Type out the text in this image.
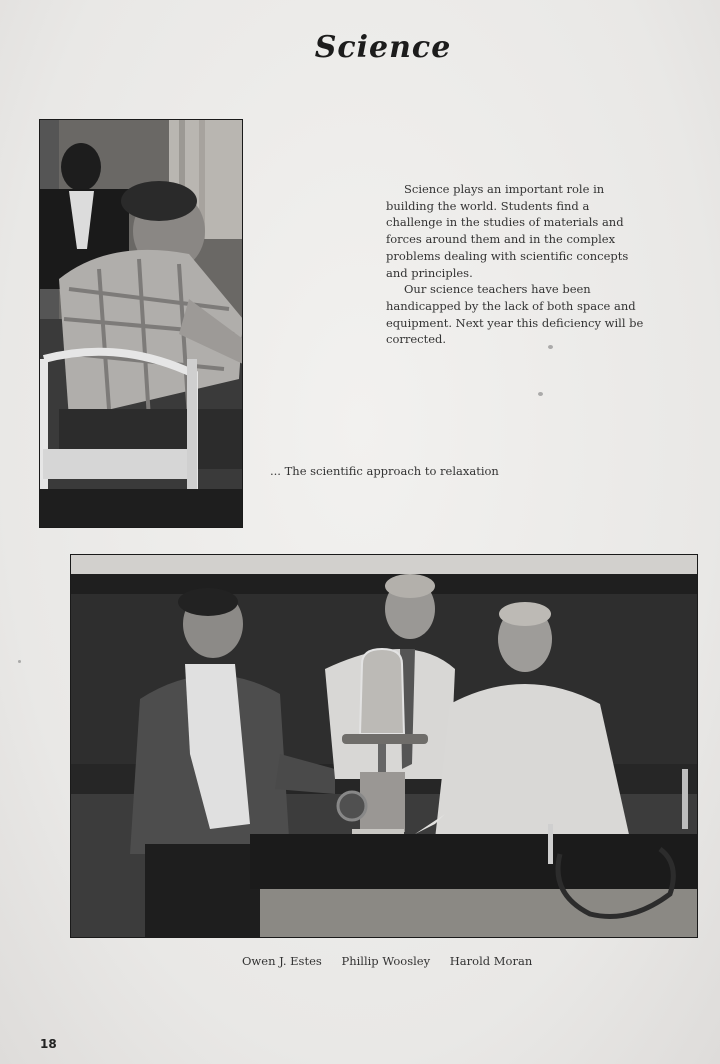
Science

Science plays an important role in building the world. Students find a challenge in the studies of materials and forces around them and in the complex problems dealing with scientific concepts and principles.

Our science teachers have been handicapped by the lack of both space and equipment. Next year this deficiency will be corrected.

... The scientific approach to relaxation
Owen J. Estes Phillip Woosley Harold Moran
18
